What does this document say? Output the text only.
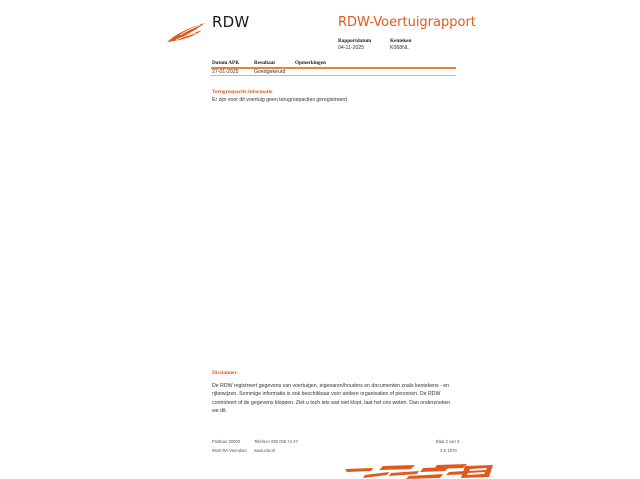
RDW	RDW-Voertuigrapport
Rapportdatum
04-11-2025
Kenteken
K068NL
Datum APK	Resultaat	Opmerkingen
27-01-2025	Goedgekeurd
Terugroepactie informatie
Er zijn voor dit voertuig geen terugroepacties geregistreerd
Disclaimer
De RDW registreert gegevens van voertuigen, eigenaren/houders en documenten zoals kentekens - en rijbewijzen. Sommige informatie is ook beschikbaar voor andere organisaties of personen. De RDW controleert of de gegevens kloppen. Ziet u toch iets wat niet klopt, laat het ons weten. Dan onderzoeken we dit.
Postbus 30000
9640 RA Veendam
Telefoon 088 008 74 47
www.rdw.nl
Blad 3 van 3
3 E 1070
